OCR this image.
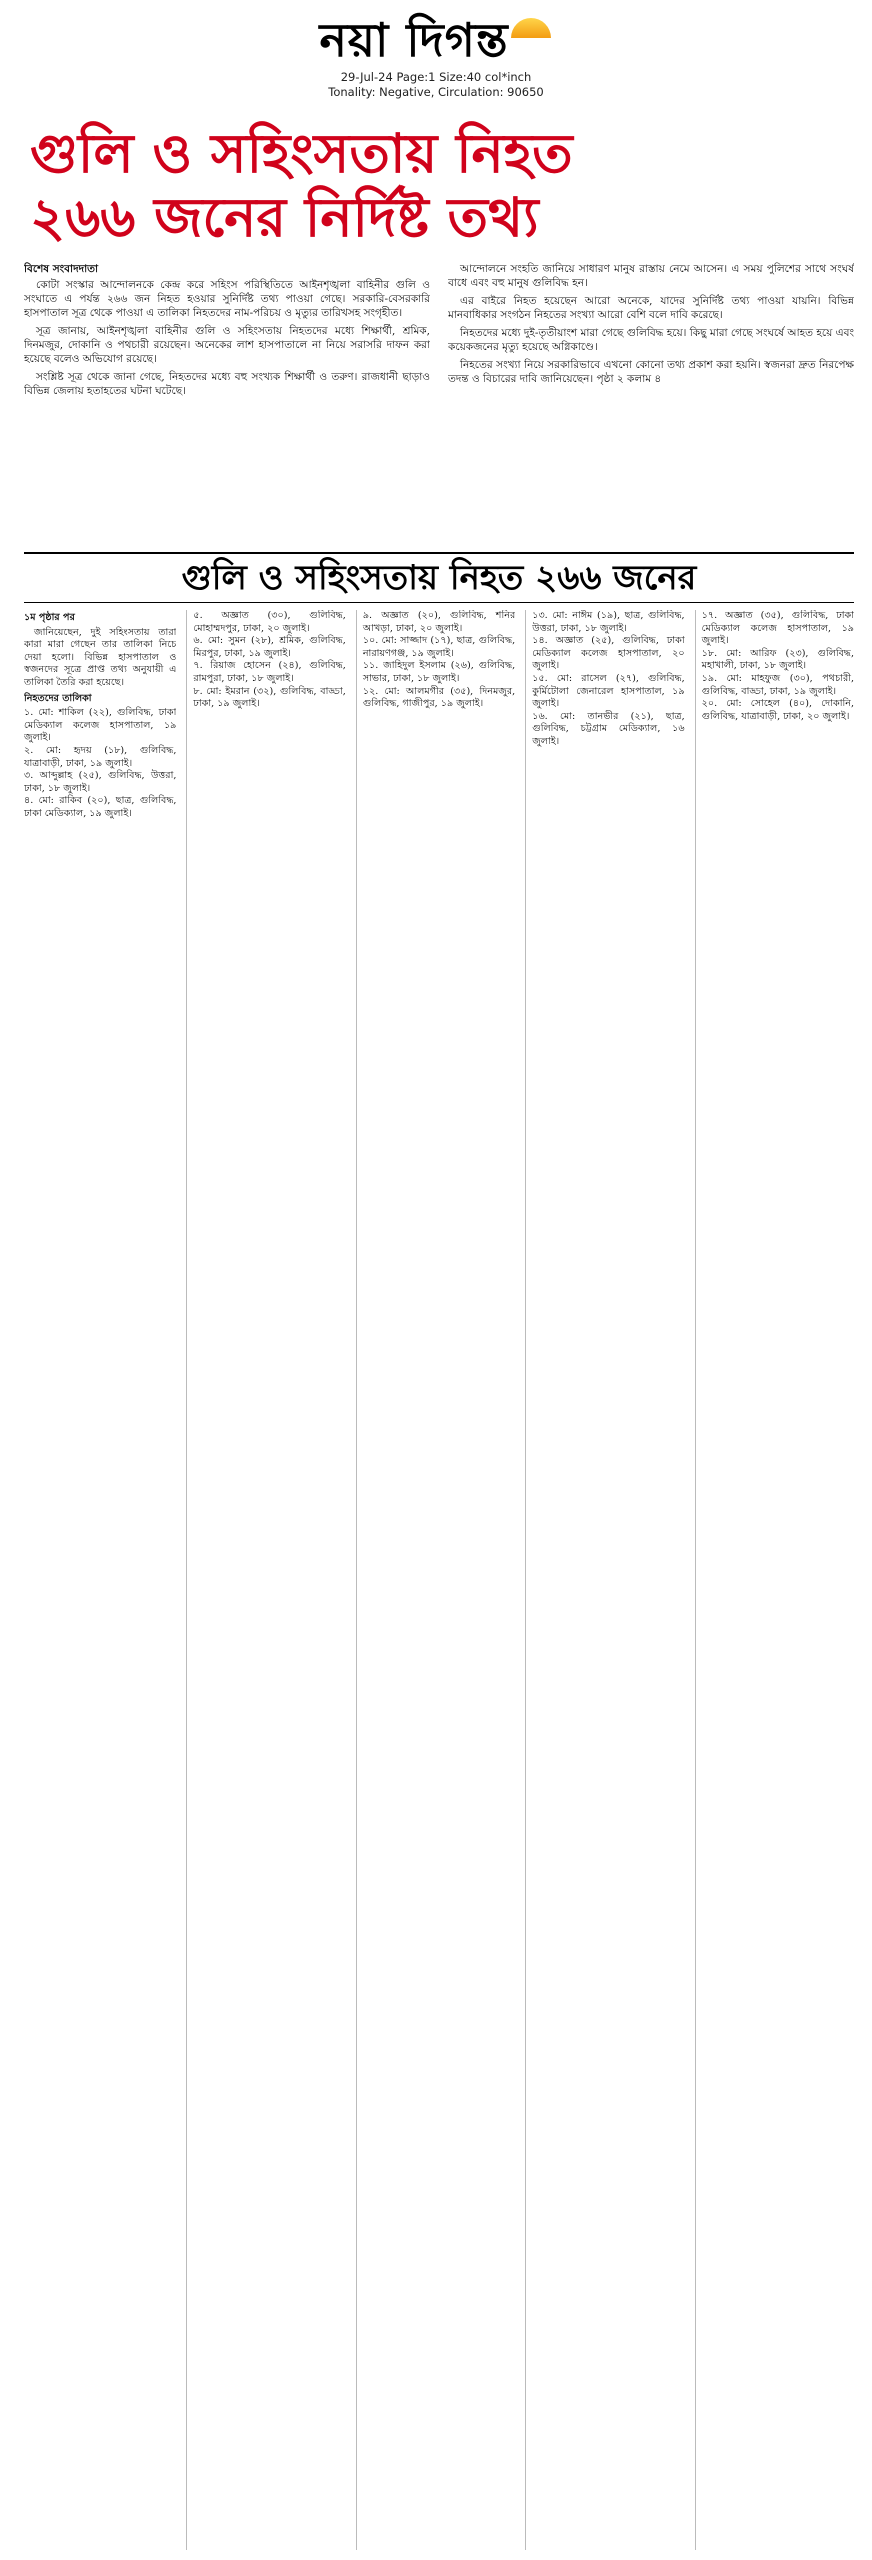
নয়া দিগন্ত
29-Jul-24 Page:1 Size:40 col*inch
Tonality: Negative, Circulation: 90650
গুলি ও সহিংসতায় নিহত
২৬৬ জনের নির্দিষ্ট তথ্য
বিশেষ সংবাদদাতা

কোটা সংস্কার আন্দোলনকে কেন্দ্র করে সহিংস পরিস্থিতিতে আইনশৃঙ্খলা বাহিনীর গুলি ও সংঘাতে এ পর্যন্ত ২৬৬ জন নিহত হওয়ার সুনির্দিষ্ট তথ্য পাওয়া গেছে। সরকারি-বেসরকারি হাসপাতাল সূত্র থেকে পাওয়া এ তালিকা নিহতদের নাম-পরিচয় ও মৃত্যুর তারিখসহ সংগৃহীত।

সূত্র জানায়, আইনশৃঙ্খলা বাহিনীর গুলি ও সহিংসতায় নিহতদের মধ্যে শিক্ষার্থী, শ্রমিক, দিনমজুর, দোকানি ও পথচারী রয়েছেন। অনেকের লাশ হাসপাতালে না নিয়ে সরাসরি দাফন করা হয়েছে বলেও অভিযোগ রয়েছে।

সংশ্লিষ্ট সূত্র থেকে জানা গেছে, নিহতদের মধ্যে বহু সংখ্যক শিক্ষার্থী ও তরুণ। রাজধানী ছাড়াও বিভিন্ন জেলায় হতাহতের ঘটনা ঘটেছে।

আন্দোলনে সংহতি জানিয়ে সাধারণ মানুষ রাস্তায় নেমে আসেন। এ সময় পুলিশের সাথে সংঘর্ষ বাধে এবং বহু মানুষ গুলিবিদ্ধ হন।

এর বাইরে নিহত হয়েছেন আরো অনেকে, যাদের সুনির্দিষ্ট তথ্য পাওয়া যায়নি। বিভিন্ন মানবাধিকার সংগঠন নিহতের সংখ্যা আরো বেশি বলে দাবি করেছে।

নিহতদের মধ্যে দুই-তৃতীয়াংশ মারা গেছে গুলিবিদ্ধ হয়ে। কিছু মারা গেছে সংঘর্ষে আহত হয়ে এবং কয়েকজনের মৃত্যু হয়েছে অগ্নিকাণ্ডে।

নিহতের সংখ্যা নিয়ে সরকারিভাবে এখনো কোনো তথ্য প্রকাশ করা হয়নি। স্বজনরা দ্রুত নিরপেক্ষ তদন্ত ও বিচারের দাবি জানিয়েছেন। পৃষ্ঠা ২ কলাম ৪

গুলি ও সহিংসতায় নিহত ২৬৬ জনের
১ম পৃষ্ঠার পর

জানিয়েছেন, দুই সহিংসতায় তারা কারা মারা গেছেন তার তালিকা নিচে দেয়া হলো। বিভিন্ন হাসপাতাল ও স্বজনদের সূত্রে প্রাপ্ত তথ্য অনুযায়ী এ তালিকা তৈরি করা হয়েছে।

নিহতদের তালিকা

১. মো: শাকিল (২২), গুলিবিদ্ধ, ঢাকা মেডিক্যাল কলেজ হাসপাতাল, ১৯ জুলাই।

২. মো: হৃদয় (১৮), গুলিবিদ্ধ, যাত্রাবাড়ী, ঢাকা, ১৯ জুলাই।

৩. আব্দুল্লাহ (২৫), গুলিবিদ্ধ, উত্তরা, ঢাকা, ১৮ জুলাই।

৪. মো: রাকিব (২০), ছাত্র, গুলিবিদ্ধ, ঢাকা মেডিক্যাল, ১৯ জুলাই।

৫. অজ্ঞাত (৩০), গুলিবিদ্ধ, মোহাম্মদপুর, ঢাকা, ২০ জুলাই।

৬. মো: সুমন (২৮), শ্রমিক, গুলিবিদ্ধ, মিরপুর, ঢাকা, ১৯ জুলাই।

৭. রিয়াজ হোসেন (২৪), গুলিবিদ্ধ, রামপুরা, ঢাকা, ১৮ জুলাই।

৮. মো: ইমরান (৩২), গুলিবিদ্ধ, বাড্ডা, ঢাকা, ১৯ জুলাই।

৯. অজ্ঞাত (২০), গুলিবিদ্ধ, শনির আখড়া, ঢাকা, ২০ জুলাই।

১০. মো: সাজ্জাদ (১৭), ছাত্র, গুলিবিদ্ধ, নারায়ণগঞ্জ, ১৯ জুলাই।

১১. জাহিদুল ইসলাম (২৬), গুলিবিদ্ধ, সাভার, ঢাকা, ১৮ জুলাই।

১২. মো: আলমগীর (৩৫), দিনমজুর, গুলিবিদ্ধ, গাজীপুর, ১৯ জুলাই।

১৩. মো: নাঈম (১৯), ছাত্র, গুলিবিদ্ধ, উত্তরা, ঢাকা, ১৮ জুলাই।

১৪. অজ্ঞাত (২৫), গুলিবিদ্ধ, ঢাকা মেডিক্যাল কলেজ হাসপাতাল, ২০ জুলাই।

১৫. মো: রাসেল (২৭), গুলিবিদ্ধ, কুর্মিটোলা জেনারেল হাসপাতাল, ১৯ জুলাই।

১৬. মো: তানভীর (২১), ছাত্র, গুলিবিদ্ধ, চট্টগ্রাম মেডিক্যাল, ১৬ জুলাই।

১৭. অজ্ঞাত (৩৫), গুলিবিদ্ধ, ঢাকা মেডিক্যাল কলেজ হাসপাতাল, ১৯ জুলাই।

১৮. মো: আরিফ (২৩), গুলিবিদ্ধ, মহাখালী, ঢাকা, ১৮ জুলাই।

১৯. মো: মাহফুজ (৩০), পথচারী, গুলিবিদ্ধ, বাড্ডা, ঢাকা, ১৯ জুলাই।

২০. মো: সোহেল (৪০), দোকানি, গুলিবিদ্ধ, যাত্রাবাড়ী, ঢাকা, ২০ জুলাই।
